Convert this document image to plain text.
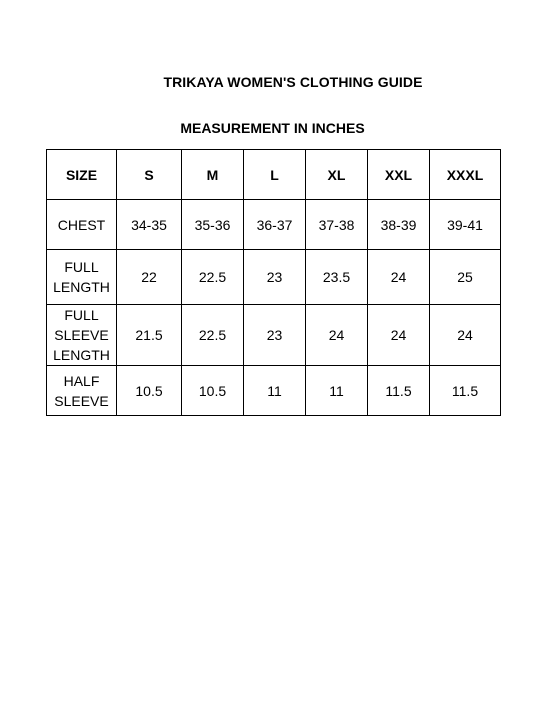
TRIKAYA WOMEN'S CLOTHING GUIDE
MEASUREMENT IN INCHES
SIZE	S	M	L	XL	XXL	XXXL

CHEST	34-35	35-36	36-37	37-38	38-39	39-41

FULL
LENGTH	22	22.5	23	23.5	24	25

FULL
SLEEVE
LENGTH	21.5	22.5	23	24	24	24

HALF
SLEEVE	10.5	10.5	11	11	11.5	11.5
